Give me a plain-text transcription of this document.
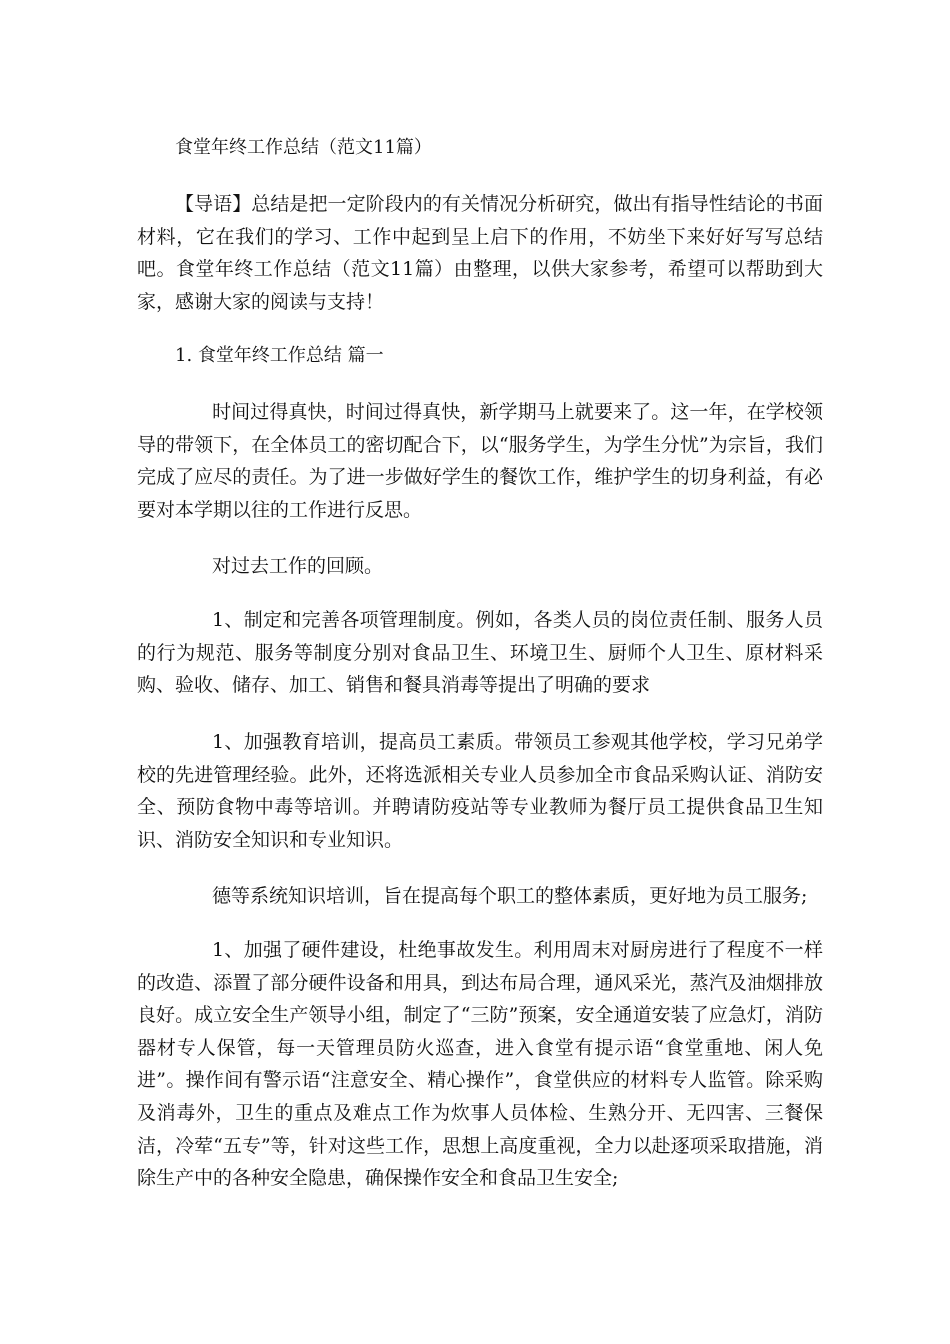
食堂年终工作总结（范文11篇）
【导语】总结是把一定阶段内的有关情况分析研究，做出有指导性结论的书面材料，它在我们的学习、工作中起到呈上启下的作用，不妨坐下来好好写写总结吧。食堂年终工作总结（范文11篇）由整理，以供大家参考，希望可以帮助到大家，感谢大家的阅读与支持！
1. 食堂年终工作总结 篇一
时间过得真快，时间过得真快，新学期马上就要来了。这一年，在学校领导的带领下，在全体员工的密切配合下，以“服务学生，为学生分忧”为宗旨，我们完成了应尽的责任。为了进一步做好学生的餐饮工作，维护学生的切身利益，有必要对本学期以往的工作进行反思。
对过去工作的回顾。
1、制定和完善各项管理制度。例如，各类人员的岗位责任制、服务人员的行为规范、服务等制度分别对食品卫生、环境卫生、厨师个人卫生、原材料采购、验收、储存、加工、销售和餐具消毒等提出了明确的要求
1、加强教育培训，提高员工素质。带领员工参观其他学校，学习兄弟学校的先进管理经验。此外，还将选派相关专业人员参加全市食品采购认证、消防安全、预防食物中毒等培训。并聘请防疫站等专业教师为餐厅员工提供食品卫生知识、消防安全知识和专业知识。
德等系统知识培训，旨在提高每个职工的整体素质，更好地为员工服务;
1、加强了硬件建设，杜绝事故发生。利用周末对厨房进行了程度不一样的改造、添置了部分硬件设备和用具，到达布局合理，通风采光，蒸汽及油烟排放良好。成立安全生产领导小组，制定了“三防”预案，安全通道安装了应急灯，消防器材专人保管，每一天管理员防火巡查，进入食堂有提示语“食堂重地、闲人免进”。操作间有警示语“注意安全、精心操作”，食堂供应的材料专人监管。除采购及消毒外，卫生的重点及难点工作为炊事人员体检、生熟分开、无四害、三餐保洁，冷荤“五专”等，针对这些工作，思想上高度重视，全力以赴逐项采取措施，消除生产中的各种安全隐患，确保操作安全和食品卫生安全;
